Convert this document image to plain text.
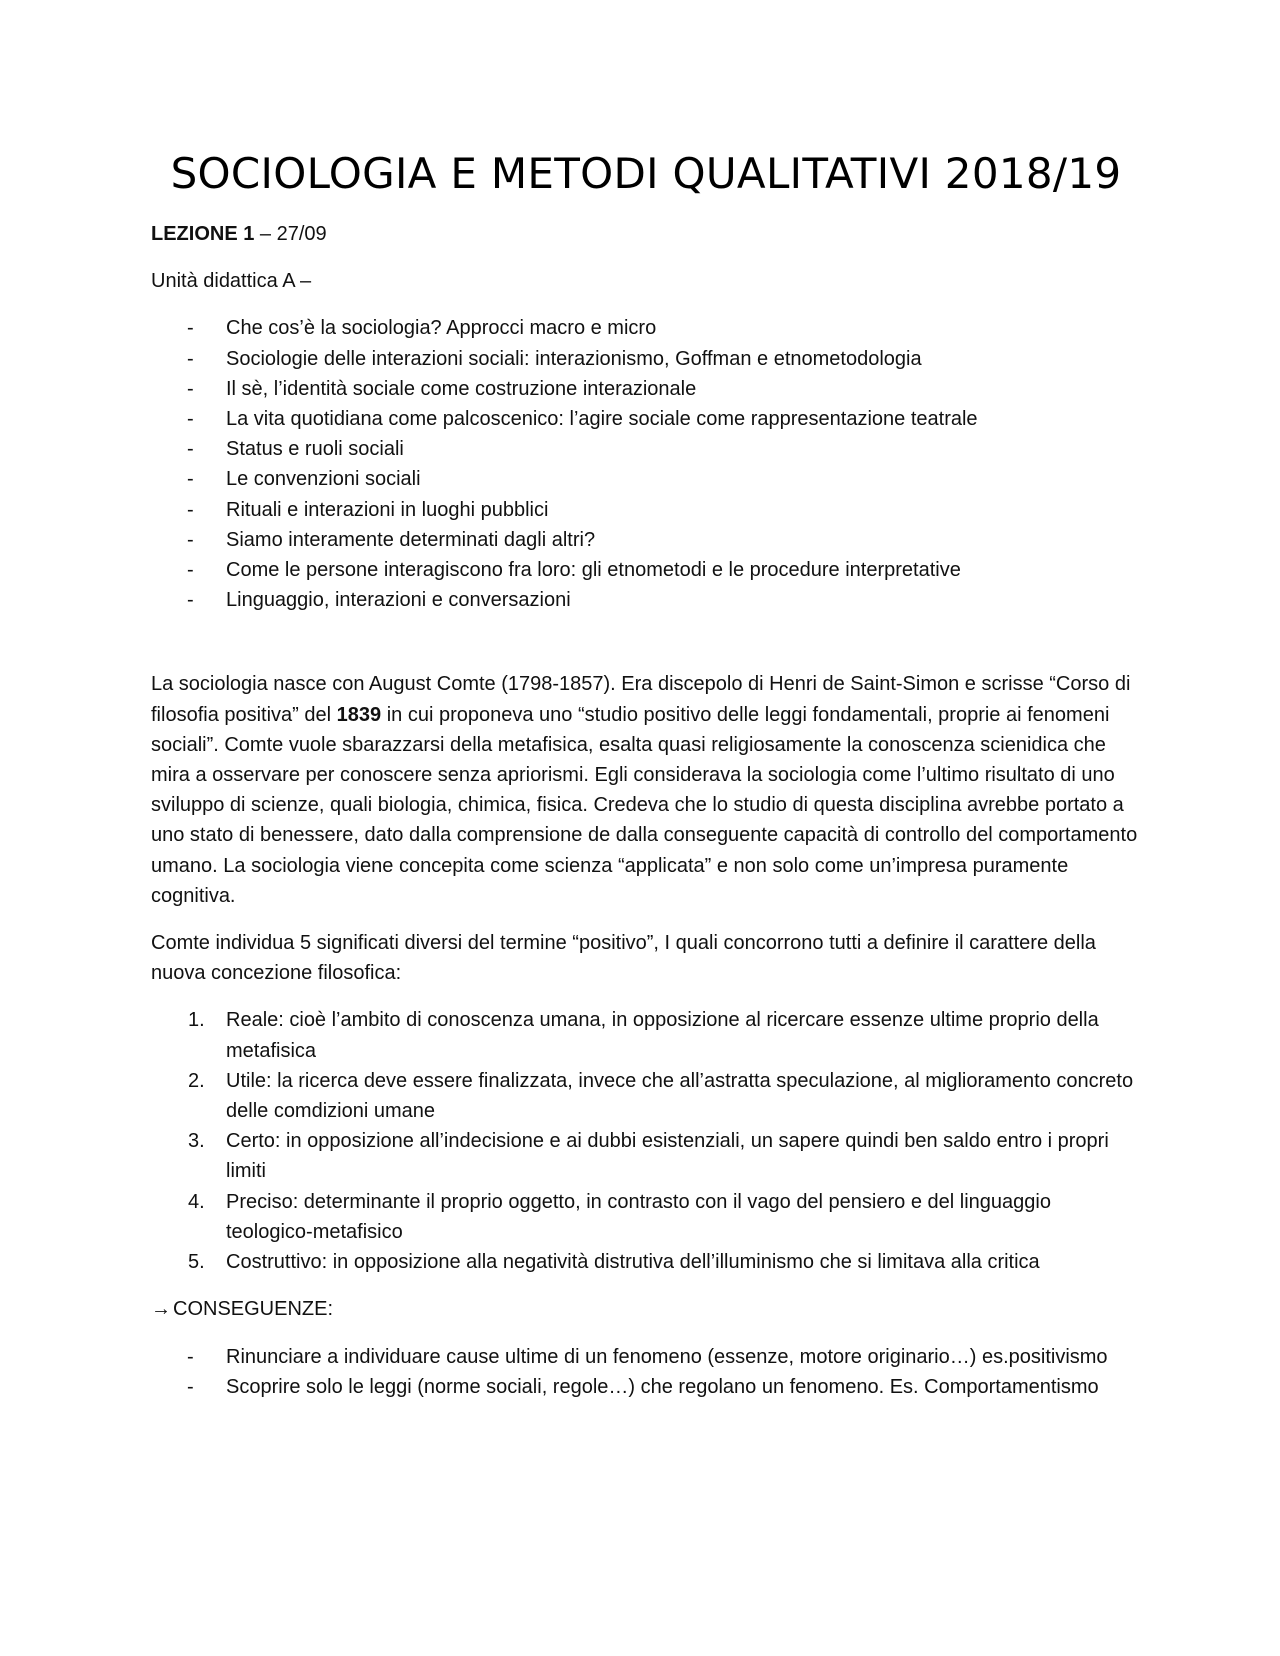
SOCIOLOGIA E METODI QUALITATIVI 2018/19

LEZIONE 1 – 27/09

Unità didattica A –

-	Che cos’è la sociologia? Approcci macro e micro
-	Sociologie delle interazioni sociali: interazionismo, Goffman e etnometodologia
-	Il sè, l’identità sociale come costruzione interazionale
-	La vita quotidiana come palcoscenico: l’agire sociale come rappresentazione teatrale
-	Status e ruoli sociali
-	Le convenzioni sociali
-	Rituali e interazioni in luoghi pubblici
-	Siamo interamente determinati dagli altri?
-	Come le persone interagiscono fra loro: gli etnometodi e le procedure interpretative
-	Linguaggio, interazioni e conversazioni

La sociologia nasce con August Comte (1798-1857). Era discepolo di Henri de Saint-Simon e scrisse “Corso di filosofia positiva” del 1839 in cui proponeva uno “studio positivo delle leggi fondamentali, proprie ai fenomeni sociali”. Comte vuole sbarazzarsi della metafisica, esalta quasi religiosamente la conoscenza scienidica che mira a osservare per conoscere senza apriorismi. Egli considerava la sociologia come l’ultimo risultato di uno sviluppo di scienze, quali biologia, chimica, fisica. Credeva che lo studio di questa disciplina avrebbe portato a uno stato di benessere, dato dalla comprensione de dalla conseguente capacità di controllo del comportamento umano. La sociologia viene concepita come scienza “applicata” e non solo come un’impresa puramente cognitiva.

Comte individua 5 significati diversi del termine “positivo”, I quali concorrono tutti a definire il carattere della nuova concezione filosofica:

1.	Reale: cioè l’ambito di conoscenza umana, in opposizione al ricercare essenze ultime proprio della metafisica
2.	Utile: la ricerca deve essere finalizzata, invece che all’astratta speculazione, al miglioramento concreto delle comdizioni umane
3.	Certo: in opposizione all’indecisione e ai dubbi esistenziali, un sapere quindi ben saldo entro i propri limiti
4.	Preciso: determinante il proprio oggetto, in contrasto con il vago del pensiero e del linguaggio teologico-metafisico
5.	Costruttivo: in opposizione alla negatività distrutiva dell’illuminismo che si limitava alla critica

→ CONSEGUENZE:

-	Rinunciare a individuare cause ultime di un fenomeno (essenze, motore originario…) es.positivismo
-	Scoprire solo le leggi (norme sociali, regole…) che regolano un fenomeno. Es. Comportamentismo
